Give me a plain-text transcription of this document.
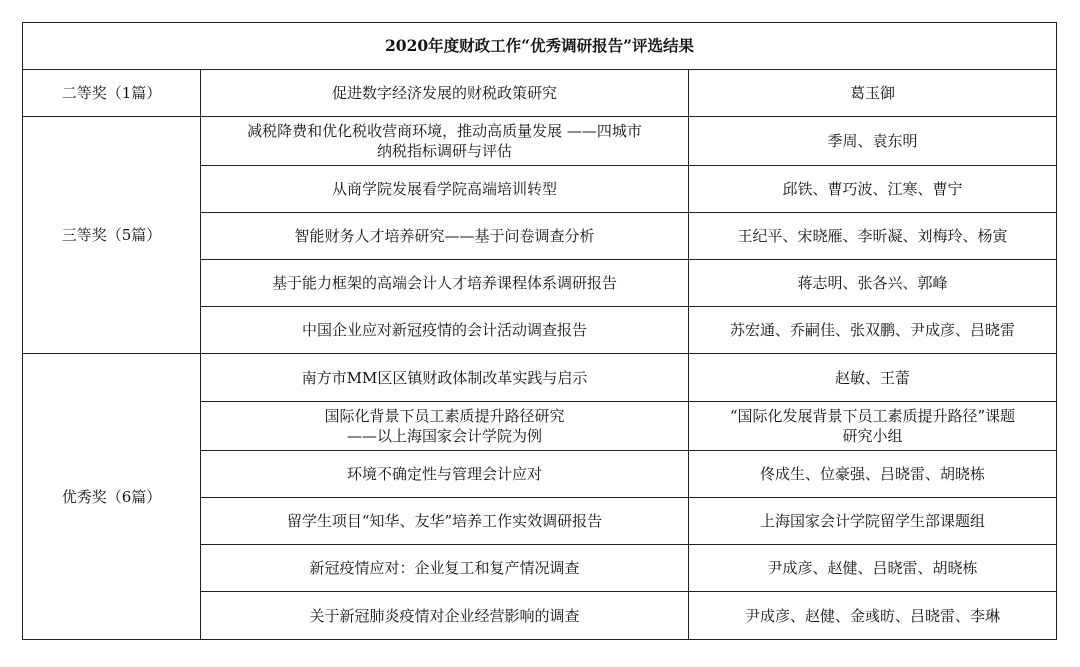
2020年度财政工作“优秀调研报告”评选结果		
二等奖（1篇）	促进数字经济发展的财税政策研究	葛玉御

三等奖（5篇）	减税降费和优化税收营商环境，推动高质量发展 ——四城市
纳税指标调研与评估	季周、袁东明

	从商学院发展看学院高端培训转型	邱铁、曹巧波、江寒、曹宁

	智能财务人才培养研究——基于问卷调查分析	王纪平、宋晓雁、李昕凝、刘梅玲、杨寅

	基于能力框架的高端会计人才培养课程体系调研报告	蒋志明、张各兴、郭峰

	中国企业应对新冠疫情的会计活动调查报告	苏宏通、乔嗣佳、张双鹏、尹成彦、吕晓雷

优秀奖（6篇）	南方市MM区区镇财政体制改革实践与启示	赵敏、王蕾

	国际化背景下员工素质提升路径研究
——以上海国家会计学院为例	“国际化发展背景下员工素质提升路径”课题
研究小组

	环境不确定性与管理会计应对	佟成生、位豪强、吕晓雷、胡晓栋

	留学生项目“知华、友华”培养工作实效调研报告	上海国家会计学院留学生部课题组

	新冠疫情应对：企业复工和复产情况调查	尹成彦、赵健、吕晓雷、胡晓栋

	关于新冠肺炎疫情对企业经营影响的调查	尹成彦、赵健、金彧昉、吕晓雷、李琳
